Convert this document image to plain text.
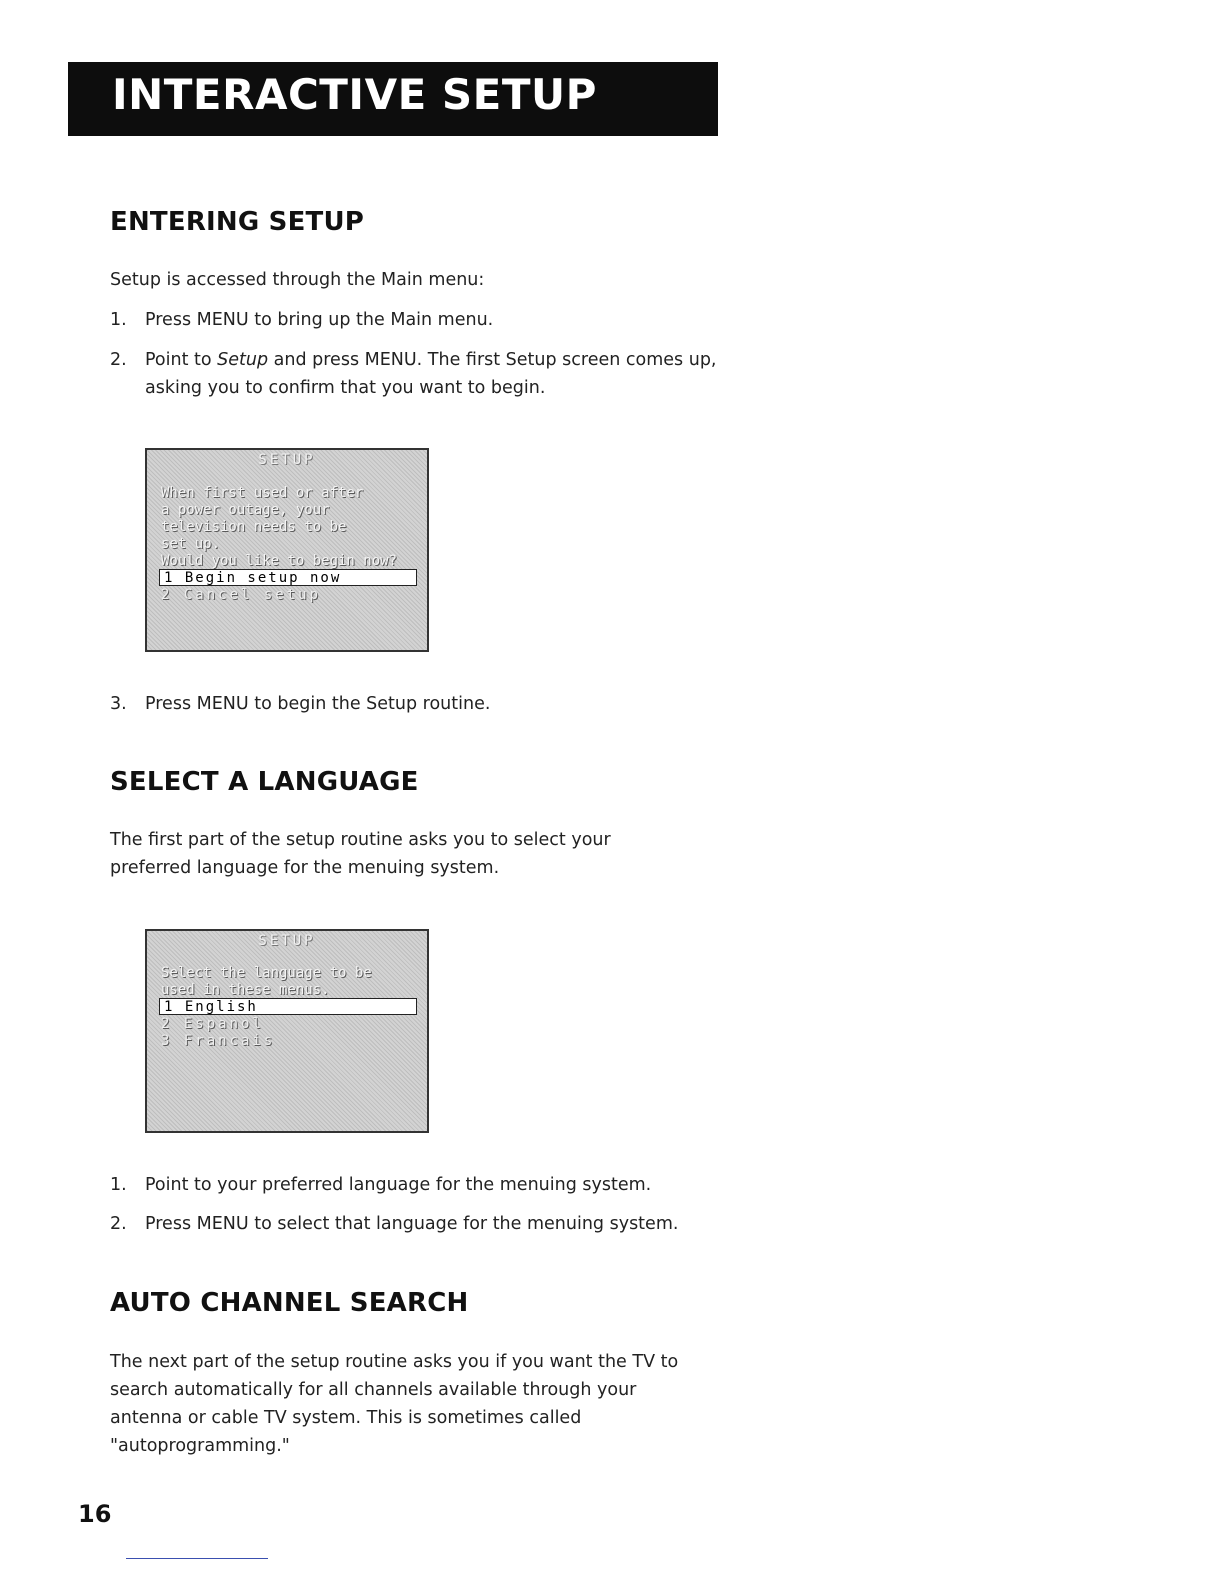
INTERACTIVE SETUP
ENTERING SETUP

Setup is accessed through the Main menu:

1.	Press MENU to bring up the Main menu.
2.	Point to Setup and press MENU. The first Setup screen comes up, asking you to confirm that you want to begin.
SETUP
When first used or after
a power outage, your
television needs to be
set up.
Would you like to begin now?
1 Begin setup now
2 Cancel setup
3.	Press MENU to begin the Setup routine.
SELECT A LANGUAGE

The first part of the setup routine asks you to select your preferred language for the menuing system.

SETUP
Select the language to be
used in these menus.
1 English
2 Espanol
3 Francais
1.	Point to your preferred language for the menuing system.
2.	Press MENU to select that language for the menuing system.
AUTO CHANNEL SEARCH

The next part of the setup routine asks you if you want the TV to search automatically for all channels available through your antenna or cable TV system. This is sometimes called "autoprogramming."

16
